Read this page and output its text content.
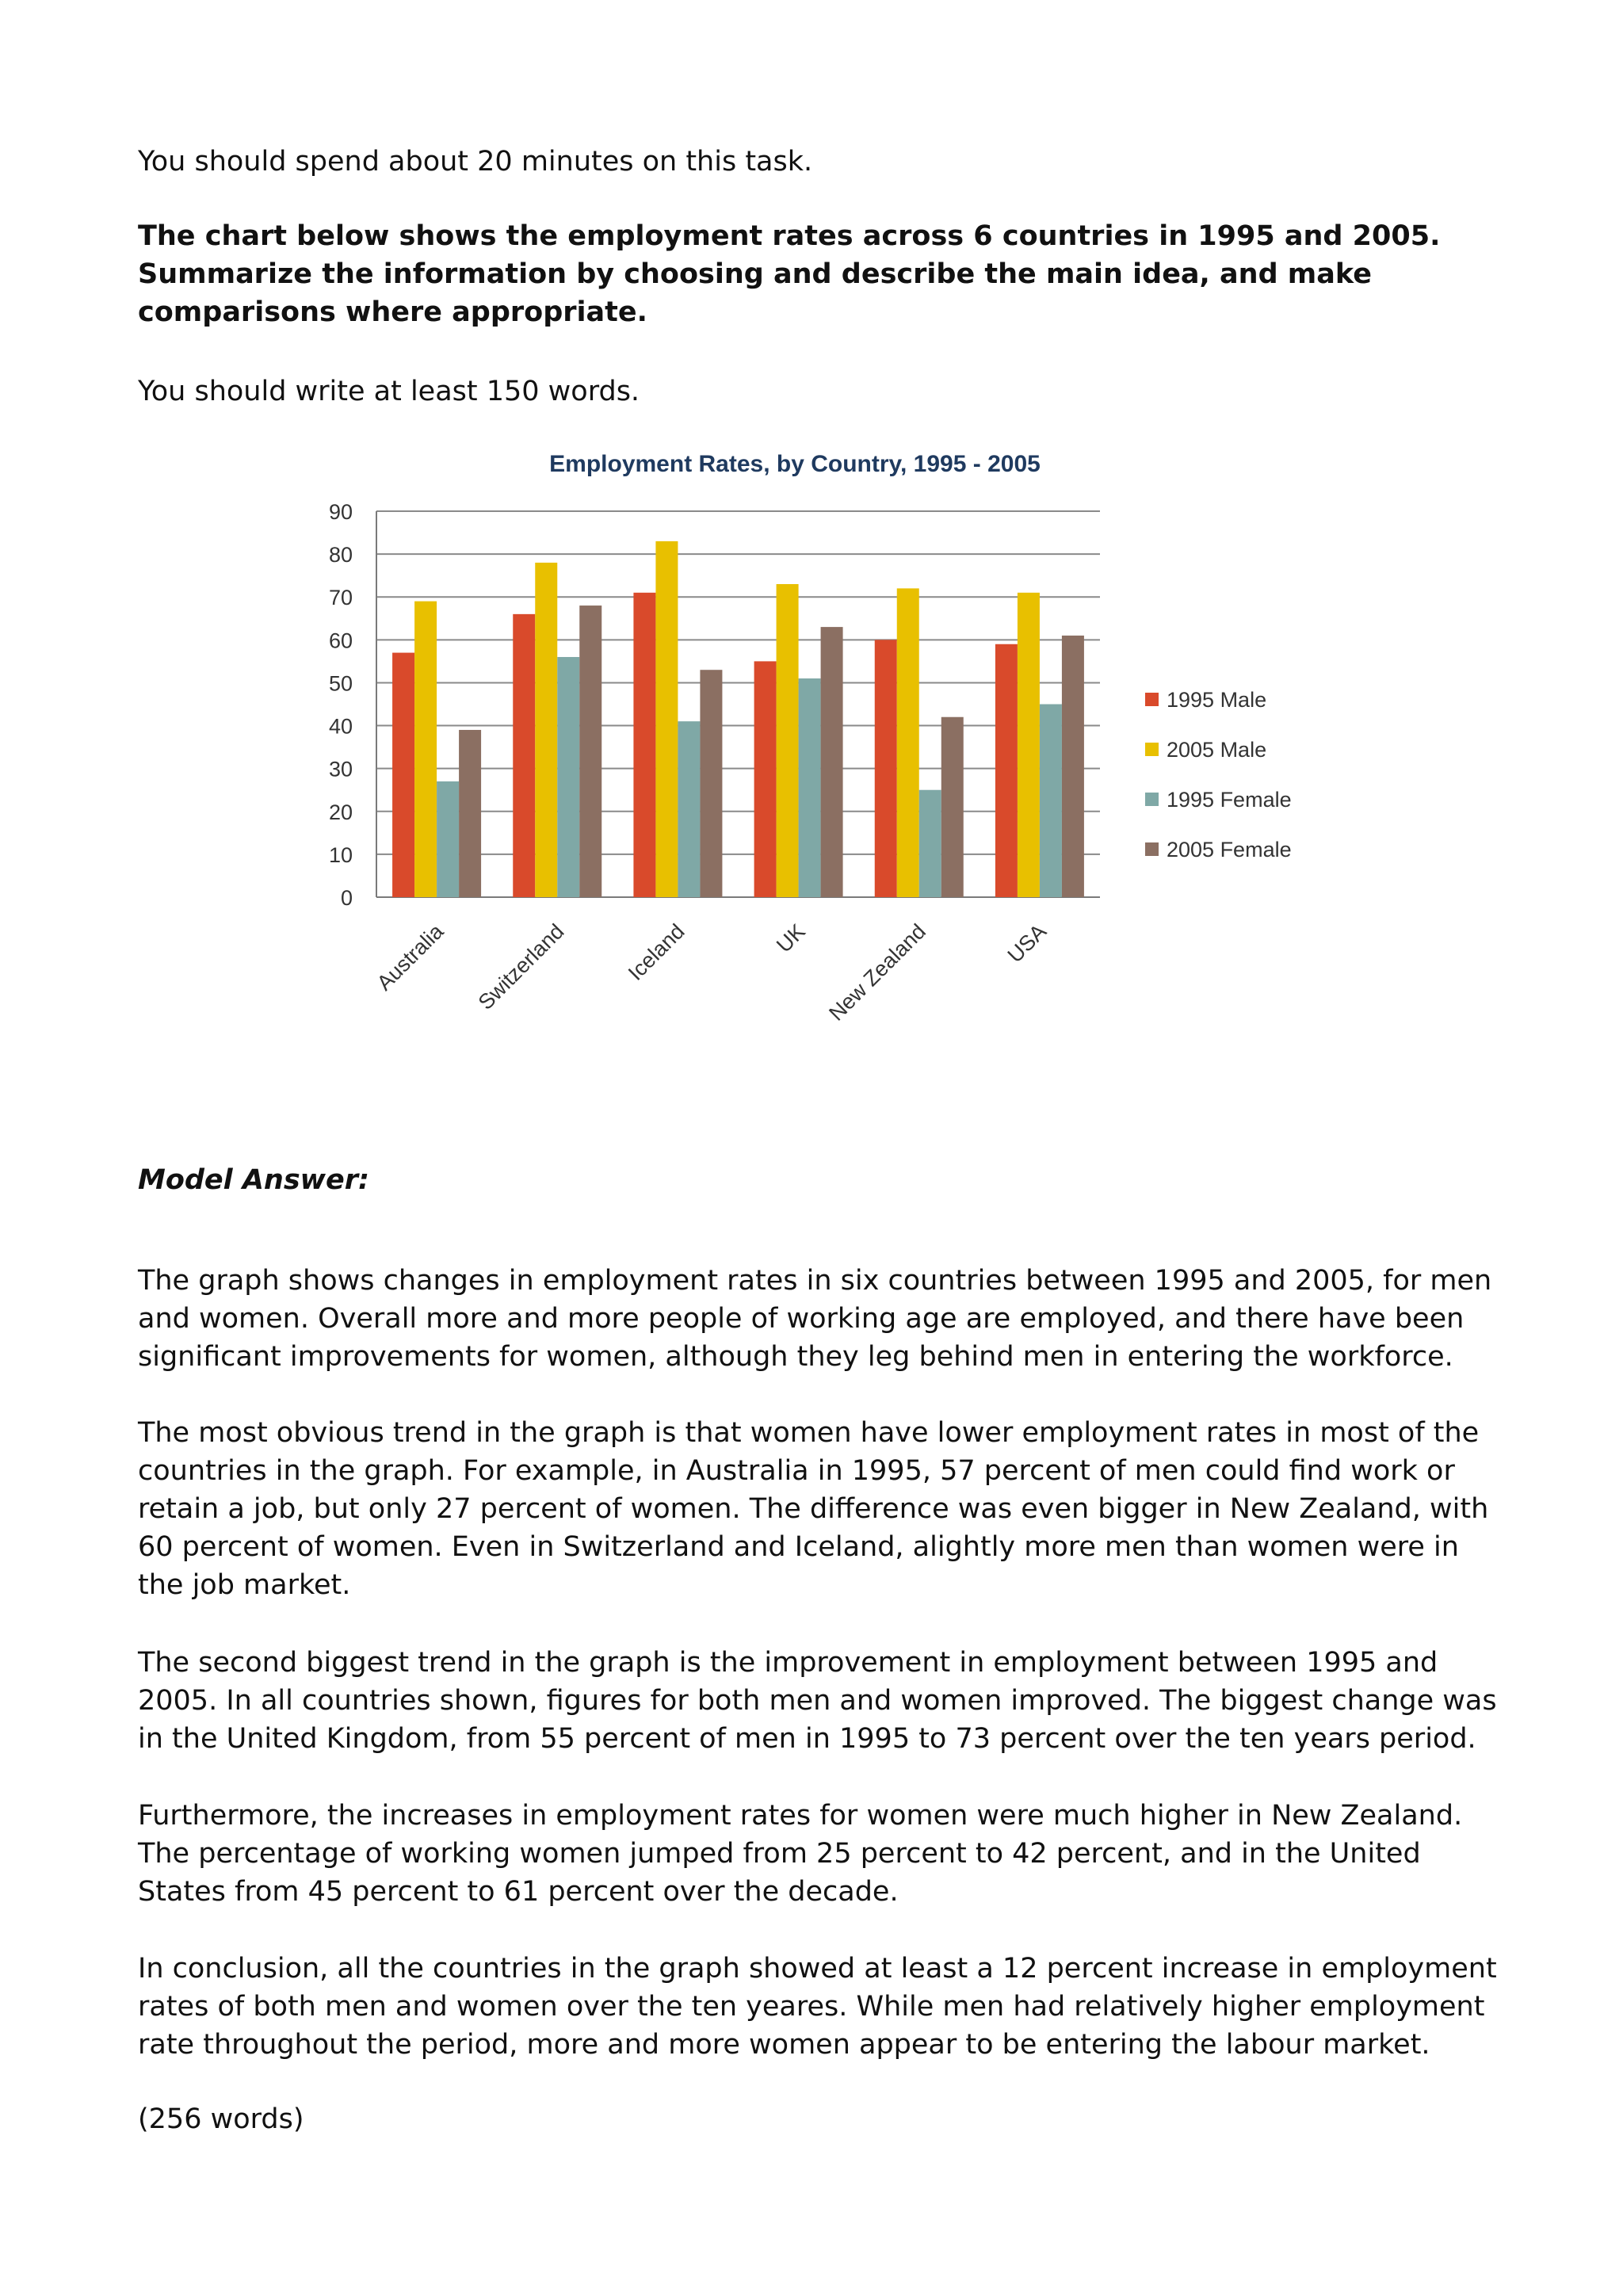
You should spend about 20 minutes on this task.

The chart below shows the employment rates across 6 countries in 1995 and 2005. Summarize the information by choosing and describe the main idea, and make comparisons where appropriate.

You should write at least 150 words.

Employment Rates, by Country, 1995 - 2005
0
10
20
30
40
50
60
70
80
90
Australia Switzerland	Iceland	UK New Zealand	USA
1995 Male
2005 Male
1995 Female
2005 Female

Model Answer:

The graph shows changes in employment rates in six countries between 1995 and 2005, for men and women. Overall more and more people of working age are employed, and there have been significant improvements for women, although they leg behind men in entering the workforce.

The most obvious trend in the graph is that women have lower employment rates in most of the countries in the graph. For example, in Australia in 1995, 57 percent of men could find work or retain a job, but only 27 percent of women. The difference was even bigger in New Zealand, with 60 percent of women. Even in Switzerland and Iceland, alightly more men than women were in the job market.

The second biggest trend in the graph is the improvement in employment between 1995 and 2005. In all countries shown, figures for both men and women improved. The biggest change was in the United Kingdom, from 55 percent of men in 1995 to 73 percent over the ten years period.

Furthermore, the increases in employment rates for women were much higher in New Zealand. The percentage of working women jumped from 25 percent to 42 percent, and in the United States from 45 percent to 61 percent over the decade.

In conclusion, all the countries in the graph showed at least a 12 percent increase in employment rates of both men and women over the ten yeares. While men had relatively higher employment rate throughout the period, more and more women appear to be entering the labour market.

(256 words)
